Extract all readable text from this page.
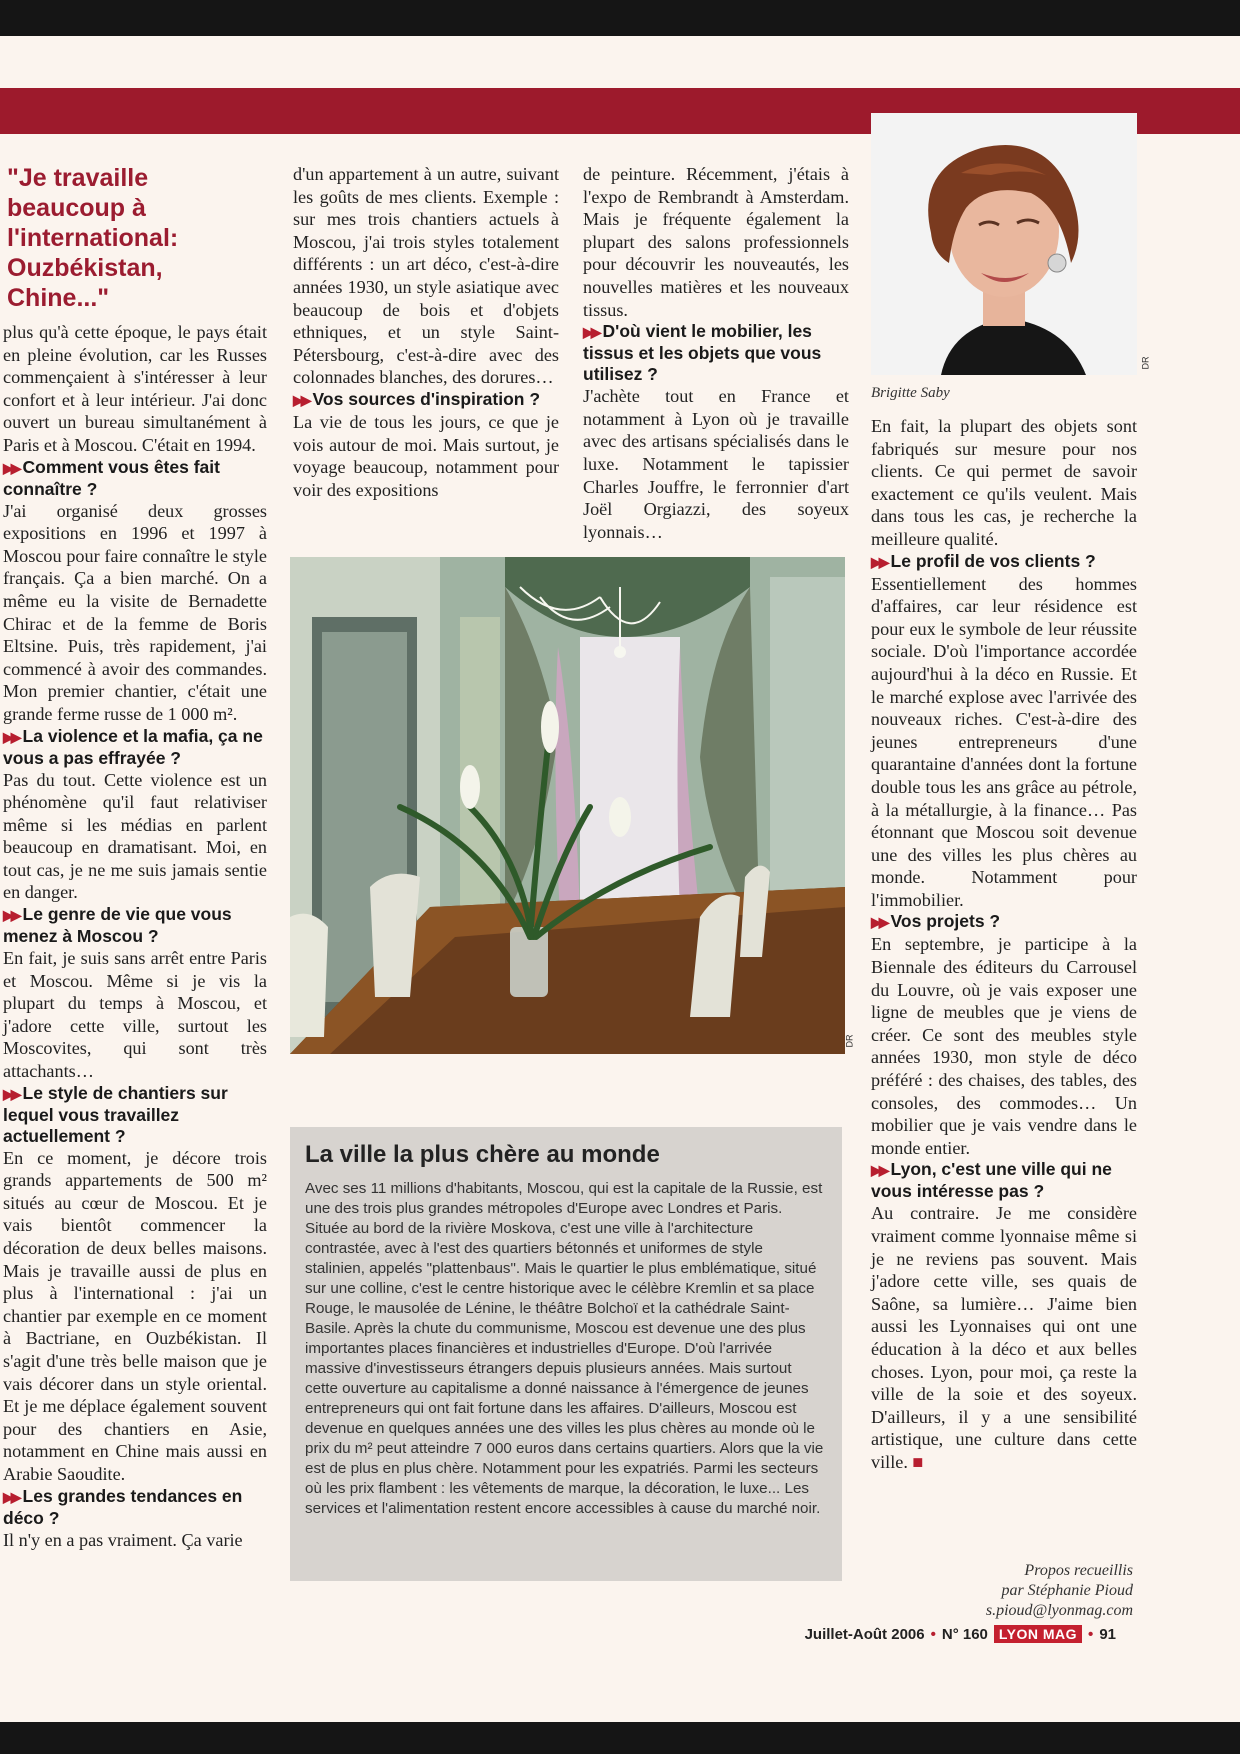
"Je travaille beaucoup à l'international: Ouzbékistan, Chine..."

plus qu'à cette époque, le pays était en pleine évolution, car les Russes commençaient à s'intéresser à leur confort et à leur intérieur. J'ai donc ouvert un bureau simultanément à Paris et à Moscou. C'était en 1994.

▶▶ Comment vous êtes fait connaître ?

J'ai organisé deux grosses expositions en 1996 et 1997 à Moscou pour faire connaître le style français. Ça a bien marché. On a même eu la visite de Bernadette Chirac et de la femme de Boris Eltsine. Puis, très rapidement, j'ai commencé à avoir des commandes. Mon premier chantier, c'était une grande ferme russe de 1 000 m².

▶▶ La violence et la mafia, ça ne vous a pas effrayée ?

Pas du tout. Cette violence est un phénomène qu'il faut relativiser même si les médias en parlent beaucoup en dramatisant. Moi, en tout cas, je ne me suis jamais sentie en danger.

▶▶ Le genre de vie que vous menez à Moscou ?

En fait, je suis sans arrêt entre Paris et Moscou. Même si je vis la plupart du temps à Moscou, et j'adore cette ville, surtout les Moscovites, qui sont très attachants…

▶▶ Le style de chantiers sur lequel vous travaillez actuellement ?

En ce moment, je décore trois grands appartements de 500 m² situés au cœur de Moscou. Et je vais bientôt commencer la décoration de deux belles maisons. Mais je travaille aussi de plus en plus à l'international : j'ai un chantier par exemple en ce moment à Bactriane, en Ouzbékistan. Il s'agit d'une très belle maison que je vais décorer dans un style oriental. Et je me déplace également souvent pour des chantiers en Asie, notamment en Chine mais aussi en Arabie Saoudite.

▶▶ Les grandes tendances en déco ?

Il n'y en a pas vraiment. Ça varie

d'un appartement à un autre, suivant les goûts de mes clients. Exemple : sur mes trois chantiers actuels à Moscou, j'ai trois styles totalement différents : un art déco, c'est-à-dire années 1930, un style asiatique avec beaucoup de bois et d'objets ethniques, et un style Saint-Pétersbourg, c'est-à-dire avec des colonnades blanches, des dorures…

▶▶ Vos sources d'inspiration ?

La vie de tous les jours, ce que je vois autour de moi. Mais surtout, je voyage beaucoup, notamment pour voir des expositions

de peinture. Récemment, j'étais à l'expo de Rembrandt à Amsterdam. Mais je fréquente également la plupart des salons professionnels pour découvrir les nouveautés, les nouvelles matières et les nouveaux tissus.

▶▶ D'où vient le mobilier, les tissus et les objets que vous utilisez ?

J'achète tout en France et notamment à Lyon où je travaille avec des artisans spécialisés dans le luxe. Notamment le tapissier Charles Jouffre, le ferronnier d'art Joël Orgiazzi, des soyeux lyonnais…

DR
Brigitte Saby

En fait, la plupart des objets sont fabriqués sur mesure pour nos clients. Ce qui permet de savoir exactement ce qu'ils veulent. Mais dans tous les cas, je recherche la meilleure qualité.

▶▶ Le profil de vos clients ?

Essentiellement des hommes d'affaires, car leur résidence est pour eux le symbole de leur réussite sociale. D'où l'importance accordée aujourd'hui à la déco en Russie. Et le marché explose avec l'arrivée des nouveaux riches. C'est-à-dire des jeunes entrepreneurs d'une quarantaine d'années dont la fortune double tous les ans grâce au pétrole, à la métallurgie, à la finance… Pas étonnant que Moscou soit devenue une des villes les plus chères au monde. Notamment pour l'immobilier.

▶▶ Vos projets ?

En septembre, je participe à la Biennale des éditeurs du Carrousel du Louvre, où je vais exposer une ligne de meubles que je viens de créer. Ce sont des meubles style années 1930, mon style de déco préféré : des chaises, des tables, des consoles, des commodes… Un mobilier que je vais vendre dans le monde entier.

▶▶ Lyon, c'est une ville qui ne vous intéresse pas ?

Au contraire. Je me considère vraiment comme lyonnaise même si je ne reviens pas souvent. Mais j'adore cette ville, ses quais de Saône, sa lumière… J'aime bien aussi les Lyonnaises qui ont une éducation à la déco et aux belles choses. Lyon, pour moi, ça reste la ville de la soie et des soyeux. D'ailleurs, il y a une sensibilité artistique, une culture dans cette ville. ■

DR
La ville la plus chère au monde

Avec ses 11 millions d'habitants, Moscou, qui est la capitale de la Russie, est une des trois plus grandes métropoles d'Europe avec Londres et Paris. Située au bord de la rivière Moskova, c'est une ville à l'architecture contrastée, avec à l'est des quartiers bétonnés et uniformes de style stalinien, appelés "plattenbaus". Mais le quartier le plus emblématique, situé sur une colline, c'est le centre historique avec le célèbre Kremlin et sa place Rouge, le mausolée de Lénine, le théâtre Bolchoï et la cathédrale Saint-Basile. Après la chute du communisme, Moscou est devenue une des plus importantes places financières et industrielles d'Europe. D'où l'arrivée massive d'investisseurs étrangers depuis plusieurs années. Mais surtout cette ouverture au capitalisme a donné naissance à l'émergence de jeunes entrepreneurs qui ont fait fortune dans les affaires. D'ailleurs, Moscou est devenue en quelques années une des villes les plus chères au monde où le prix du m² peut atteindre 7 000 euros dans certains quartiers. Alors que la vie est de plus en plus chère. Notamment pour les expatriés. Parmi les secteurs où les prix flambent : les vêtements de marque, la décoration, le luxe... Les services et l'alimentation restent encore accessibles à cause du marché noir.

Propos recueillis
par Stéphanie Pioud
s.pioud@lyonmag.com
Juillet-Août 2006 • N° 160 LYON MAG • 91
